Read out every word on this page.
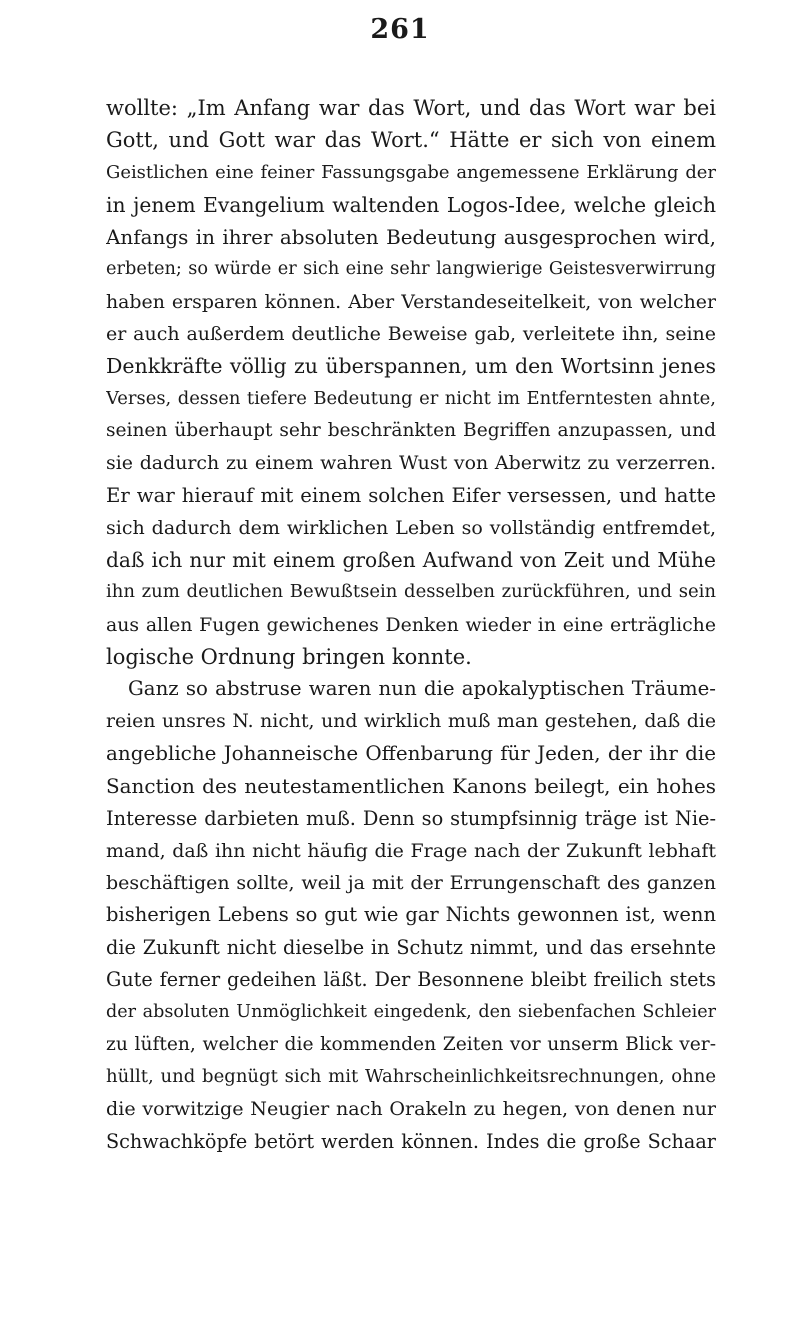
261
wollte: „Im Anfang war das Wort, und das Wort war bei
Gott, und Gott war das Wort.“ Hätte er sich von einem
Geistlichen eine feiner Fassungsgabe angemessene Erklärung der
in jenem Evangelium waltenden Logos-Idee, welche gleich
Anfangs in ihrer absoluten Bedeutung ausgesprochen wird,
erbeten; so würde er sich eine sehr langwierige Geistesverwirrung
haben ersparen können. Aber Verstandeseitelkeit, von welcher
er auch außerdem deutliche Beweise gab, verleitete ihn, seine
Denkkräfte völlig zu überspannen, um den Wortsinn jenes
Verses, dessen tiefere Bedeutung er nicht im Entferntesten ahnte,
seinen überhaupt sehr beschränkten Begriffen anzupassen, und
sie dadurch zu einem wahren Wust von Aberwitz zu verzerren.
Er war hierauf mit einem solchen Eifer versessen, und hatte
sich dadurch dem wirklichen Leben so vollständig entfremdet,
daß ich nur mit einem großen Aufwand von Zeit und Mühe
ihn zum deutlichen Bewußtsein desselben zurückführen, und sein
aus allen Fugen gewichenes Denken wieder in eine erträgliche
logische Ordnung bringen konnte.
Ganz so abstruse waren nun die apokalyptischen Träume-
reien unsres N. nicht, und wirklich muß man gestehen, daß die
angebliche Johanneische Offenbarung für Jeden, der ihr die
Sanction des neutestamentlichen Kanons beilegt, ein hohes
Interesse darbieten muß. Denn so stumpfsinnig träge ist Nie-
mand, daß ihn nicht häufig die Frage nach der Zukunft lebhaft
beschäftigen sollte, weil ja mit der Errungenschaft des ganzen
bisherigen Lebens so gut wie gar Nichts gewonnen ist, wenn
die Zukunft nicht dieselbe in Schutz nimmt, und das ersehnte
Gute ferner gedeihen läßt. Der Besonnene bleibt freilich stets
der absoluten Unmöglichkeit eingedenk, den siebenfachen Schleier
zu lüften, welcher die kommenden Zeiten vor unserm Blick ver-
hüllt, und begnügt sich mit Wahrscheinlichkeitsrechnungen, ohne
die vorwitzige Neugier nach Orakeln zu hegen, von denen nur
Schwachköpfe betört werden können. Indes die große Schaar
